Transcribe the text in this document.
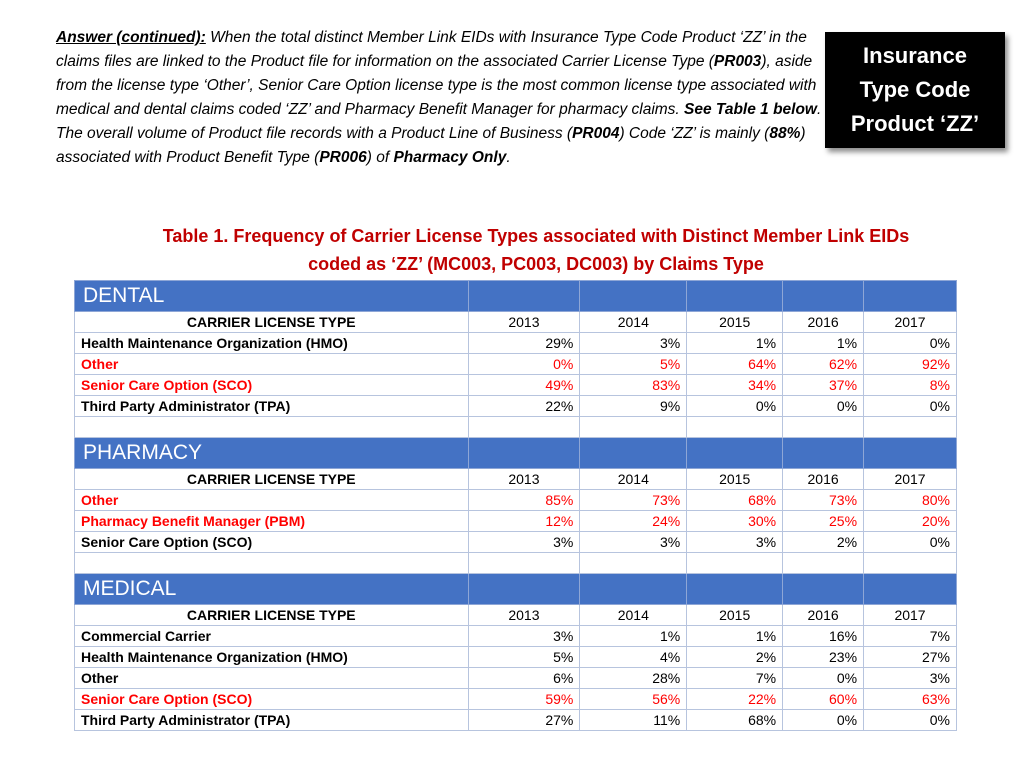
Answer (continued): When the total distinct Member Link EIDs with Insurance Type Code Product ‘ZZ’ in the claims files are linked to the Product file for information on the associated Carrier License Type (PR003), aside from the license type ‘Other’, Senior Care Option license type is the most common license type associated with medical and dental claims coded ‘ZZ’ and Pharmacy Benefit Manager for pharmacy claims. See Table 1 below. The overall volume of Product file records with a Product Line of Business (PR004) Code ‘ZZ’ is mainly (88%) associated with Product Benefit Type (PR006) of Pharmacy Only.
Insurance
Type Code
Product ‘ZZ’
Table 1. Frequency of Carrier License Types associated with Distinct Member Link EIDs
coded as ‘ZZ’ (MC003, PC003, DC003) by Claims Type
DENTAL					
CARRIER LICENSE TYPE	2013	2014	2015	2016	2017
Health Maintenance Organization (HMO)	29%	3%	1%	1%	0%
Other	0%	5%	64%	62%	92%
Senior Care Option (SCO)	49%	83%	34%	37%	8%
Third Party Administrator (TPA)	22%	9%	0%	0%	0%

PHARMACY					
CARRIER LICENSE TYPE	2013	2014	2015	2016	2017
Other	85%	73%	68%	73%	80%
Pharmacy Benefit Manager (PBM)	12%	24%	30%	25%	20%
Senior Care Option (SCO)	3%	3%	3%	2%	0%

MEDICAL					
CARRIER LICENSE TYPE	2013	2014	2015	2016	2017
Commercial Carrier	3%	1%	1%	16%	7%
Health Maintenance Organization (HMO)	5%	4%	2%	23%	27%
Other	6%	28%	7%	0%	3%
Senior Care Option (SCO)	59%	56%	22%	60%	63%
Third Party Administrator (TPA)	27%	11%	68%	0%	0%
